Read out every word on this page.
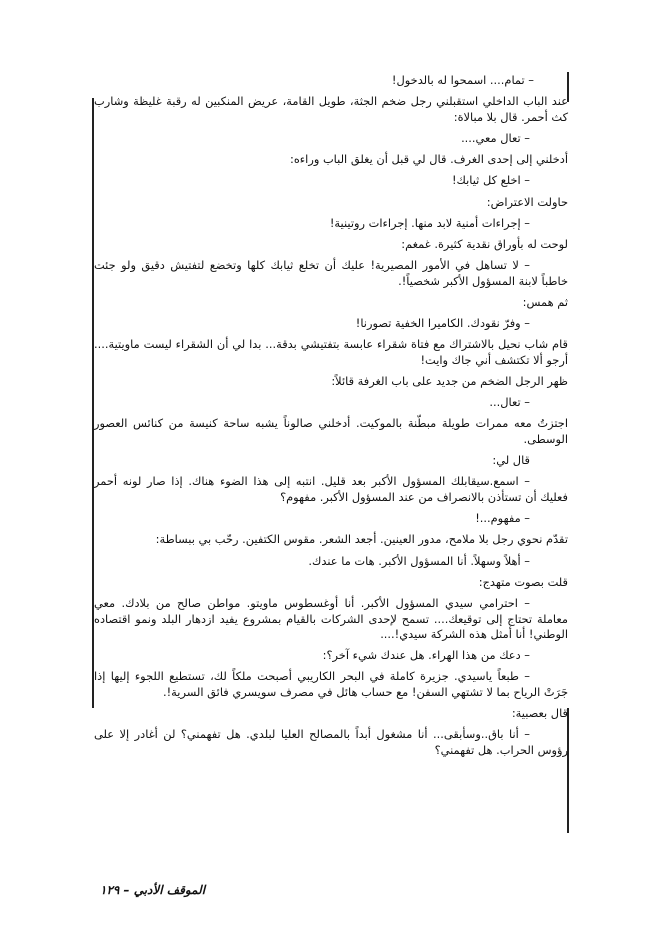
– تمام.... اسمحوا له بالدخول!

عند الباب الداخلي استقبلني رجل ضخم الجثة، طويل القامة، عريض المنكبين له رقبة غليظة وشارب كث أحمر. قال بلا مبالاة:

– تعال معي....

أدخلني إلى إحدى الغرف. قال لي قبل أن يغلق الباب وراءه:

– اخلع كل ثيابك!

حاولت الاعتراض:

– إجراءات أمنية لابد منها. إجراءات روتينية!

لوحت له بأوراق نقدية كثيرة. غمغم:

– لا تساهل في الأمور المصيرية! عليك أن تخلع ثيابك كلها وتخضع لتفتيش دقيق ولو جئت خاطباً لابنة المسؤول الأكبر شخصياً!.

ثم همس:

– وفرّ نقودك. الكاميرا الخفية تصورنا!

قام شاب نحيل بالاشتراك مع فتاة شقراء عابسة بتفتيشي بدقة... بدا لي أن الشقراء ليست ماويتية.... أرجو ألا تكتشف أني جاك وايت!

ظهر الرجل الضخم من جديد على باب الغرفة قائلاً:

– تعال...

اجتزتُ معه ممرات طويلة مبطّنة بالموكيت. أدخلني صالوناً يشبه ساحة كنيسة من كنائس العصور الوسطى.

قال لي:

– اسمع.سيقابلك المسؤول الأكبر بعد قليل. انتبه إلى هذا الضوء هناك. إذا صار لونه أحمر فعليك أن تستأذن بالانصراف من عند المسؤول الأكبر. مفهوم؟

– مفهوم...!

تقدّم نحوي رجل بلا ملامح، مدور العينين. أجعد الشعر. مقوس الكتفين. رحّب بي ببساطة:

– أهلاً وسهلاً. أنا المسؤول الأكبر. هات ما عندك.

قلت بصوت متهدج:

– احترامي سيدي المسؤول الأكبر. أنا أوغسطوس ماويتو. مواطن صالح من بلادك. معي معاملة تحتاج إلى توقيعك.... تسمح لإحدى الشركات بالقيام بمشروع يفيد ازدهار البلد ونمو اقتصاده الوطني! أنا أمثل هذه الشركة سيدي!....

– دعك من هذا الهراء. هل عندك شيء آخر؟:

– طبعاً ياسيدي. جزيرة كاملة في البحر الكاريبي أصبحت ملكاً لك، تستطيع اللجوء إليها إذا جَرَتْ الرياح بما لا تشتهي السفن! مع حساب هائل في مصرف سويسري فائق السرية!.

قال بعصبية:

– أنا باق..وسأبقى... أنا مشغول أبداً بالمصالح العليا لبلدي. هل تفهمني؟ لن أغادر إلا على رؤوس الحراب. هل تفهمني؟

الموقف الأدبي – ١٢٩
